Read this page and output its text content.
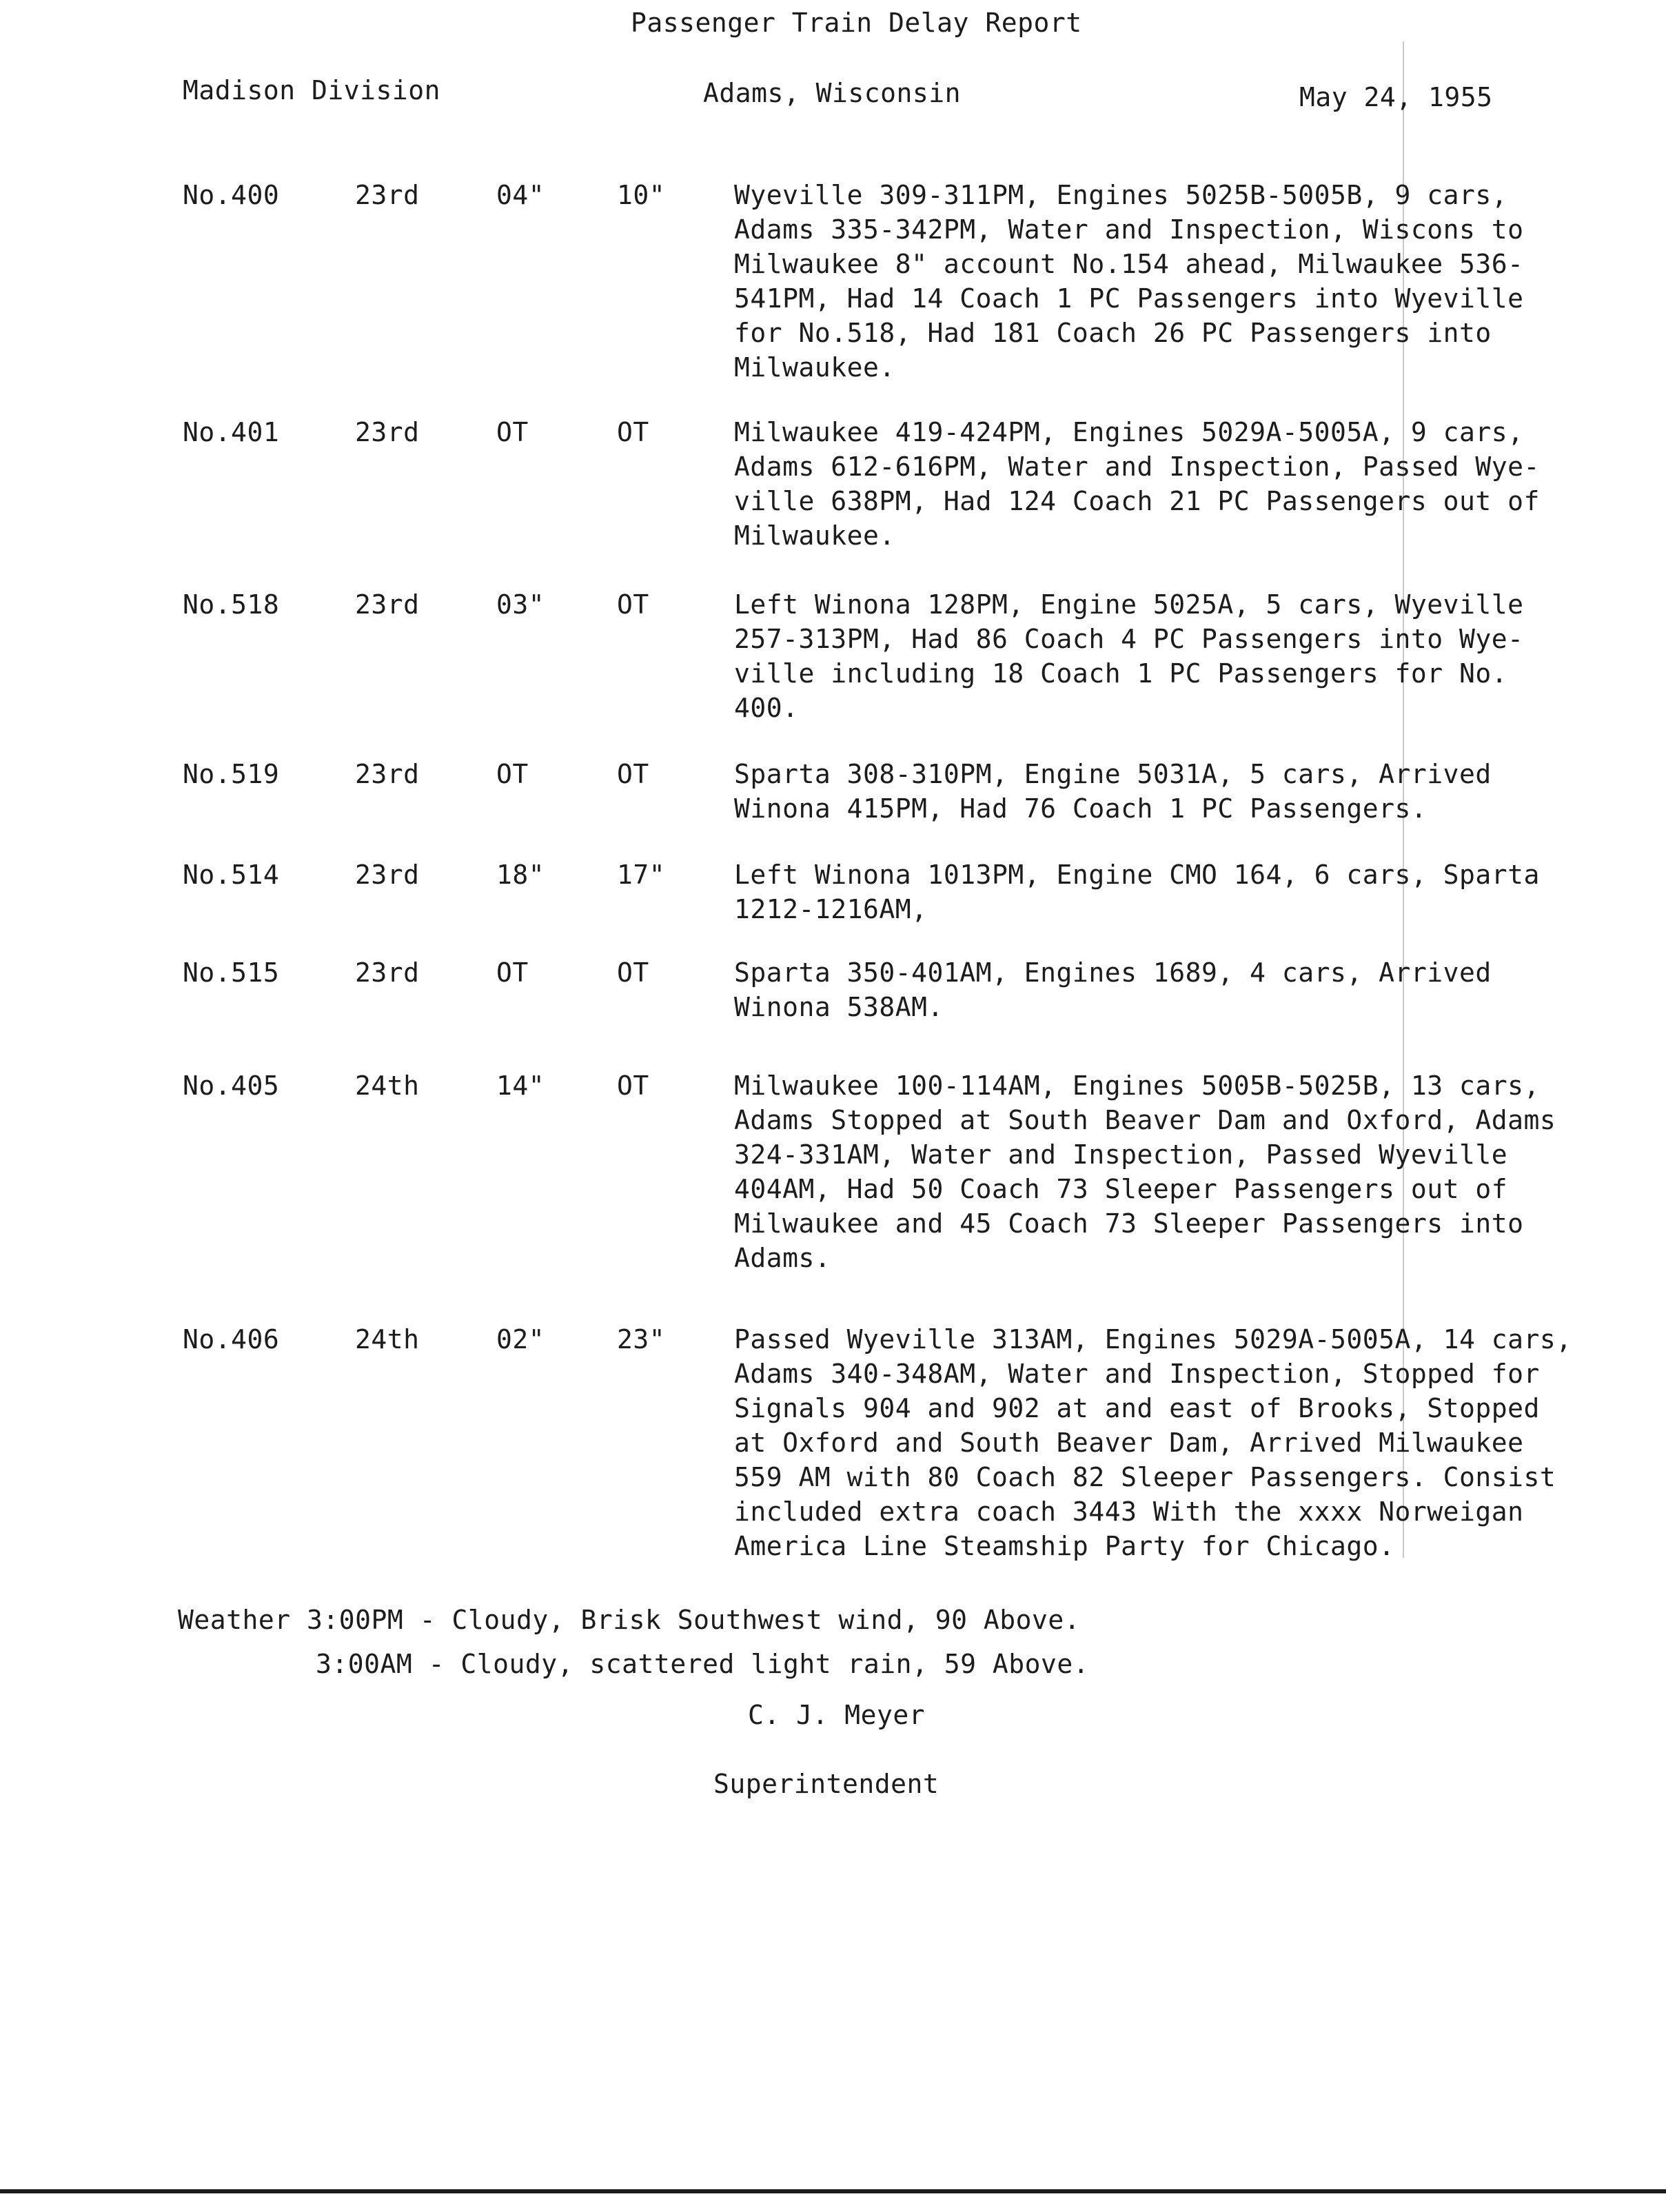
Passenger Train Delay Report
Madison Division	Adams, Wisconsin	May 24, 1955
No.400	23rd	04"	10"	Wyeville 309-311PM, Engines 5025B-5005B, 9 cars,
Adams 335-342PM, Water and Inspection, Wiscons to
Milwaukee 8" account No.154 ahead, Milwaukee 536-
541PM, Had 14 Coach 1 PC Passengers into Wyeville
for No.518, Had 181 Coach 26 PC Passengers into
Milwaukee.
No.401	23rd	OT	OT	Milwaukee 419-424PM, Engines 5029A-5005A, 9 cars,
Adams 612-616PM, Water and Inspection, Passed Wye-
ville 638PM, Had 124 Coach 21 PC Passengers out of
Milwaukee.
No.518	23rd	03"	OT	Left Winona 128PM, Engine 5025A, 5 cars, Wyeville
257-313PM, Had 86 Coach 4 PC Passengers into Wye-
ville including 18 Coach 1 PC Passengers for No.
400.
No.519	23rd	OT	OT	Sparta 308-310PM, Engine 5031A, 5 cars, Arrived
Winona 415PM, Had 76 Coach 1 PC Passengers.
No.514	23rd	18"	17"	Left Winona 1013PM, Engine CMO 164, 6 cars, Sparta
1212-1216AM,
No.515	23rd	OT	OT	Sparta 350-401AM, Engines 1689, 4 cars, Arrived
Winona 538AM.
No.405	24th	14"	OT	Milwaukee 100-114AM, Engines 5005B-5025B, 13 cars,
Adams Stopped at South Beaver Dam and Oxford, Adams
324-331AM, Water and Inspection, Passed Wyeville
404AM, Had 50 Coach 73 Sleeper Passengers out of
Milwaukee and 45 Coach 73 Sleeper Passengers into
Adams.
No.406	24th	02"	23"	Passed Wyeville 313AM, Engines 5029A-5005A, 14 cars,
Adams 340-348AM, Water and Inspection, Stopped for
Signals 904 and 902 at and east of Brooks, Stopped
at Oxford and South Beaver Dam, Arrived Milwaukee
559 AM with 80 Coach 82 Sleeper Passengers. Consist
included extra coach 3443 With the xxxx Norweigan
America Line Steamship Party for Chicago.
Weather 3:00PM - Cloudy, Brisk Southwest wind, 90 Above.
3:00AM - Cloudy, scattered light rain, 59 Above.
C. J. Meyer
Superintendent
